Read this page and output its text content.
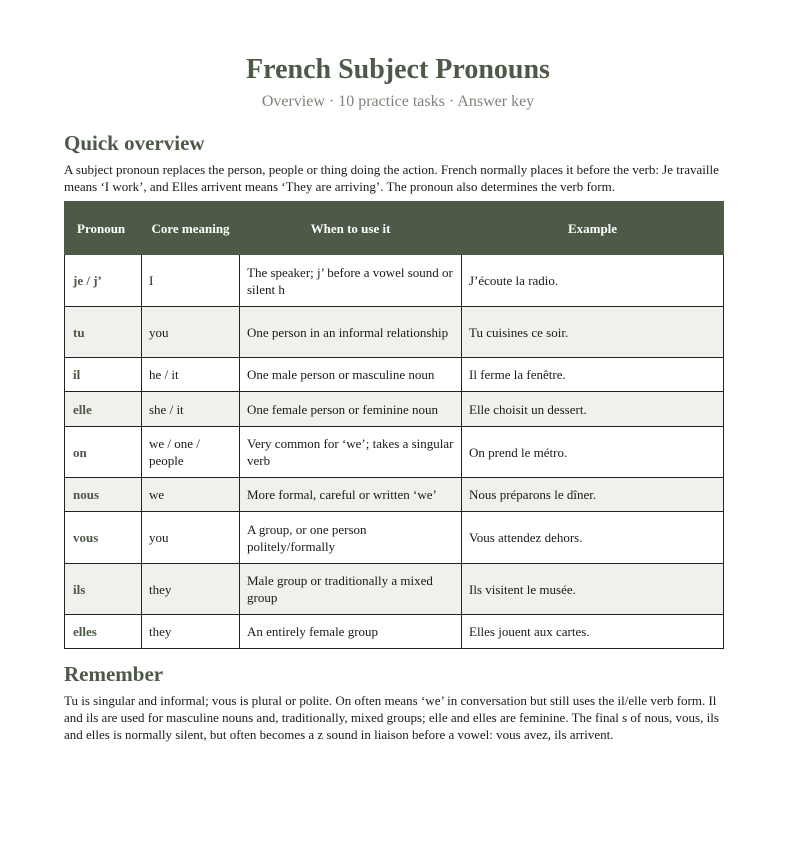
French Subject Pronouns
Overview · 10 practice tasks · Answer key
Quick overview
A subject pronoun replaces the person, people or thing doing the action. French normally places it before the verb: Je travaille means ‘I work’, and Elles arrivent means ‘They are arriving’. The pronoun also determines the verb form.
Pronoun	Core meaning	When to use it	Example
je / j’	I	The speaker; j’ before a vowel sound or silent h	J’écoute la radio.
tu	you	One person in an informal relationship	Tu cuisines ce soir.
il	he / it	One male person or masculine noun	Il ferme la fenêtre.
elle	she / it	One female person or feminine noun	Elle choisit un dessert.
on	we / one / people	Very common for ‘we’; takes a singular verb	On prend le métro.
nous	we	More formal, careful or written ‘we’	Nous préparons le dîner.
vous	you	A group, or one person politely/formally	Vous attendez dehors.
ils	they	Male group or traditionally a mixed group	Ils visitent le musée.
elles	they	An entirely female group	Elles jouent aux cartes.
Remember
Tu is singular and informal; vous is plural or polite. On often means ‘we’ in conversation but still uses the il/elle verb form. Il and ils are used for masculine nouns and, traditionally, mixed groups; elle and elles are feminine. The final s of nous, vous, ils and elles is normally silent, but often becomes a z sound in liaison before a vowel: vous avez, ils arrivent.
